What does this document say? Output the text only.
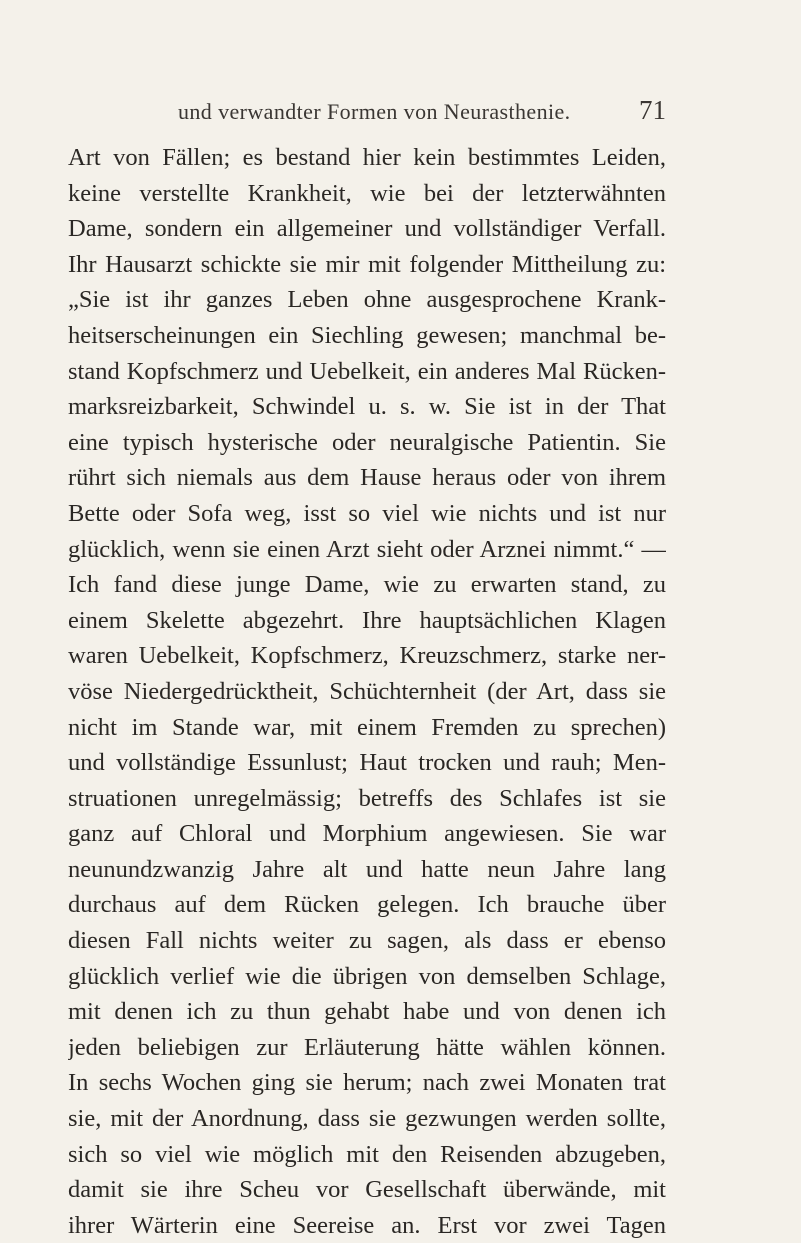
und verwandter Formen von Neurasthenie.	71
Art von Fällen; es bestand hier kein bestimmtes Leiden,
keine verstellte Krankheit, wie bei der letzterwähnten
Dame, sondern ein allgemeiner und vollständiger Verfall.
Ihr Hausarzt schickte sie mir mit folgender Mittheilung zu:
„Sie ist ihr ganzes Leben ohne ausgesprochene Krank-
heitserscheinungen ein Siechling gewesen; manchmal be-
stand Kopfschmerz und Uebelkeit, ein anderes Mal Rücken-
marksreizbarkeit, Schwindel u. s. w. Sie ist in der That
eine typisch hysterische oder neuralgische Patientin. Sie
rührt sich niemals aus dem Hause heraus oder von ihrem
Bette oder Sofa weg, isst so viel wie nichts und ist nur
glücklich, wenn sie einen Arzt sieht oder Arznei nimmt.“ —
Ich fand diese junge Dame, wie zu erwarten stand, zu
einem Skelette abgezehrt. Ihre hauptsächlichen Klagen
waren Uebelkeit, Kopfschmerz, Kreuzschmerz, starke ner-
vöse Niedergedrücktheit, Schüchternheit (der Art, dass sie
nicht im Stande war, mit einem Fremden zu sprechen)
und vollständige Essunlust; Haut trocken und rauh; Men-
struationen unregelmässig; betreffs des Schlafes ist sie
ganz auf Chloral und Morphium angewiesen. Sie war
neunundzwanzig Jahre alt und hatte neun Jahre lang
durchaus auf dem Rücken gelegen. Ich brauche über
diesen Fall nichts weiter zu sagen, als dass er ebenso
glücklich verlief wie die übrigen von demselben Schlage,
mit denen ich zu thun gehabt habe und von denen ich
jeden beliebigen zur Erläuterung hätte wählen können.
In sechs Wochen ging sie herum; nach zwei Monaten trat
sie, mit der Anordnung, dass sie gezwungen werden sollte,
sich so viel wie möglich mit den Reisenden abzugeben,
damit sie ihre Scheu vor Gesellschaft überwände, mit
ihrer Wärterin eine Seereise an. Erst vor zwei Tagen
